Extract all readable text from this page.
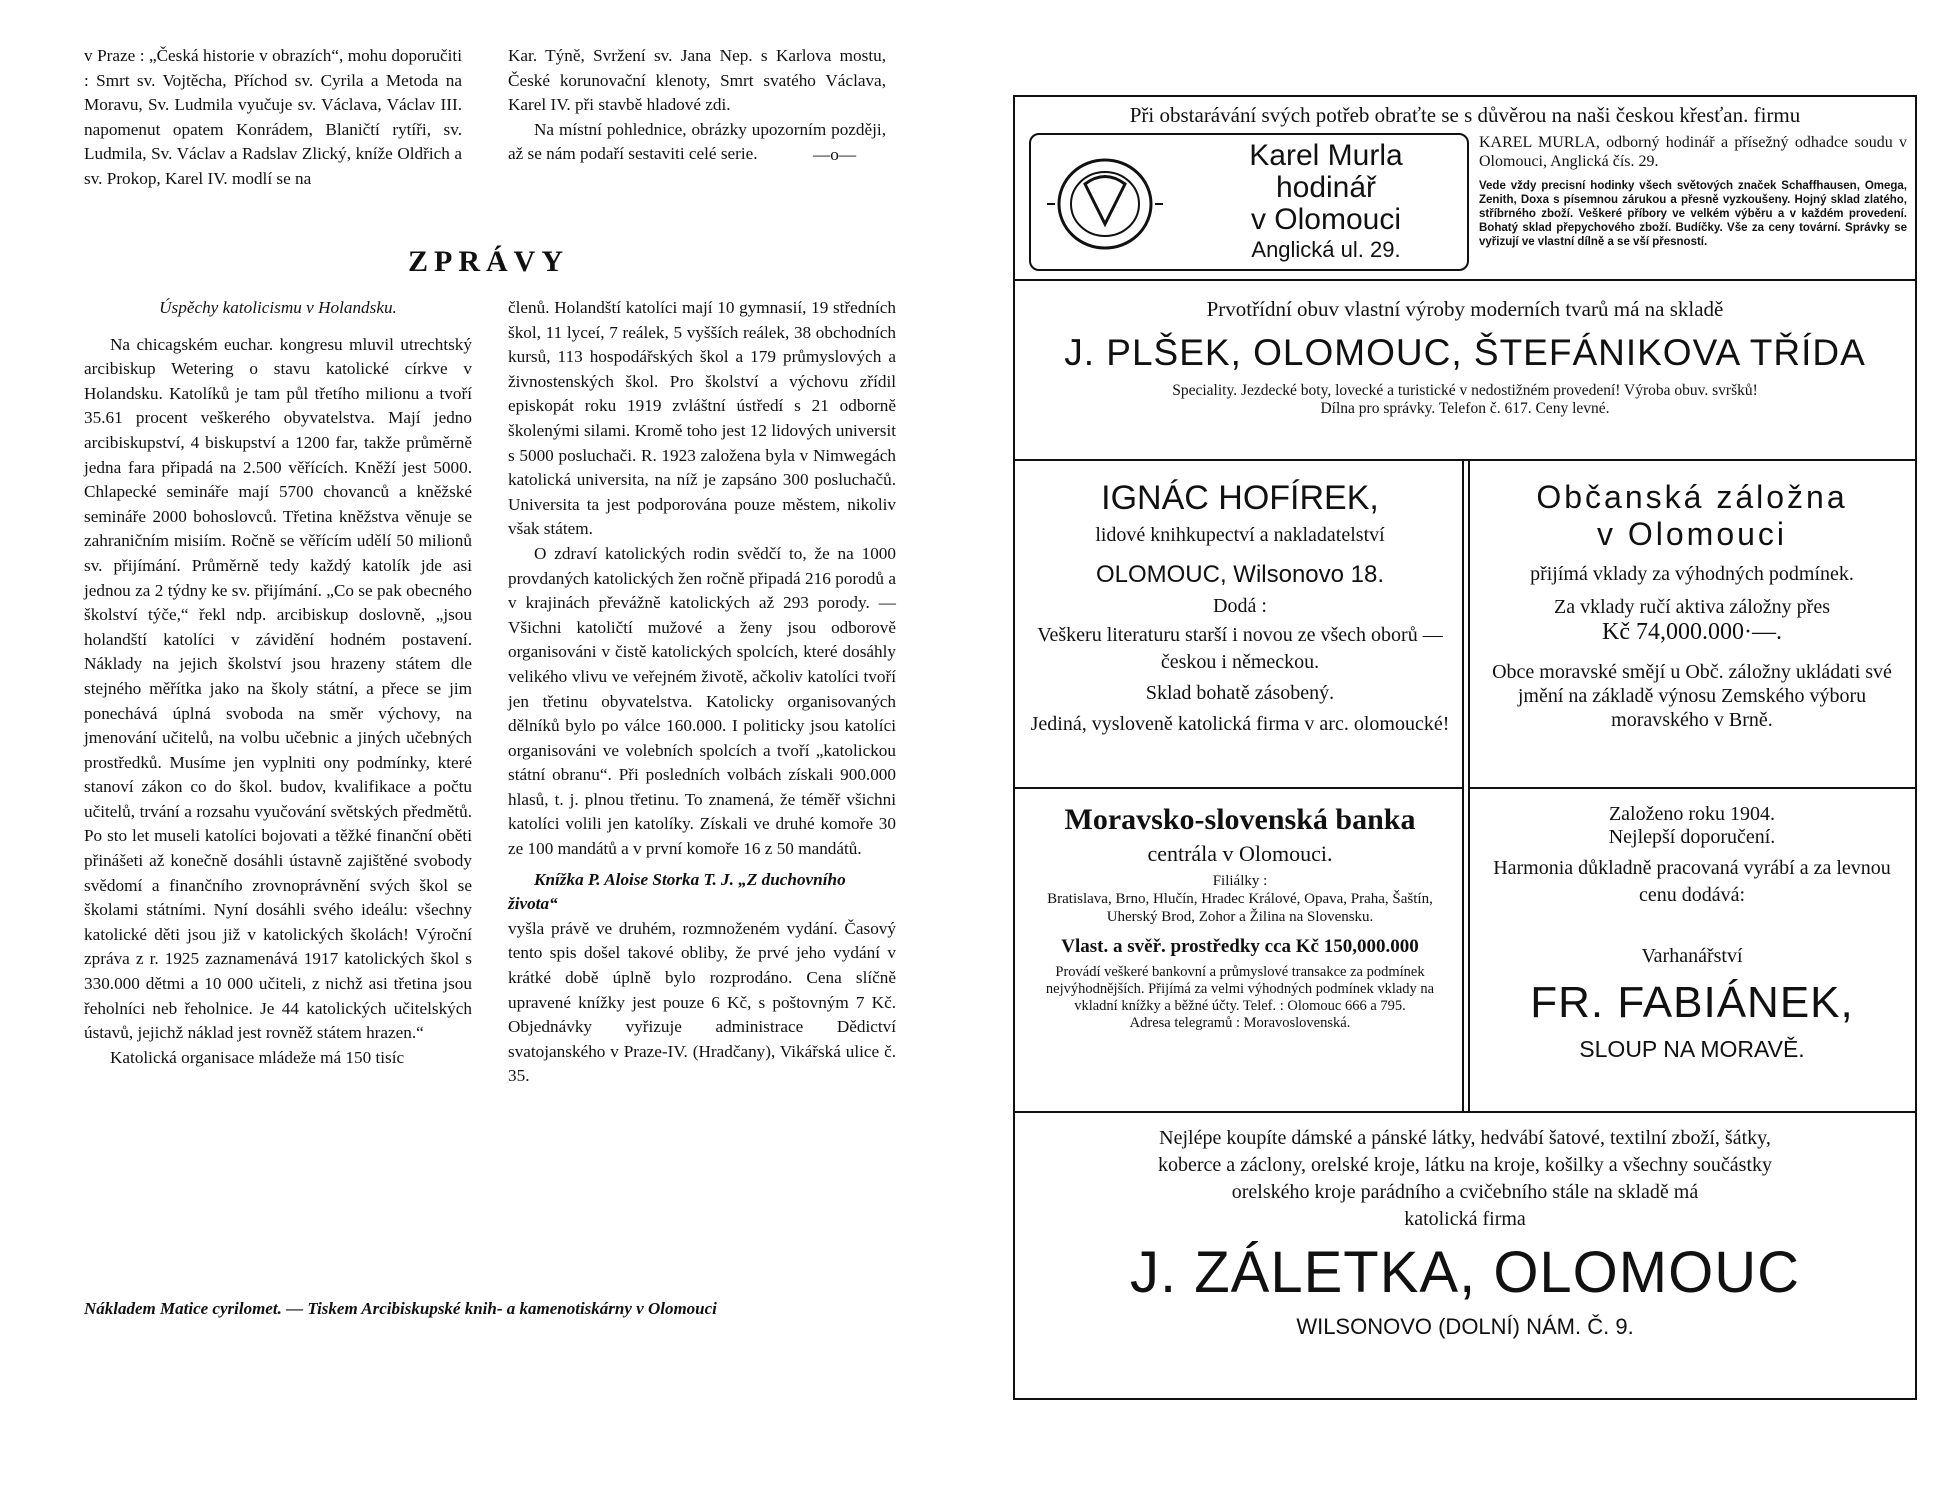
v Praze : „Česká historie v obrazích“, mohu doporučiti : Smrt sv. Vojtěcha, Příchod sv. Cyrila a Metoda na Moravu, Sv. Ludmila vyučuje sv. Václava, Václav III. napomenut opatem Konrádem, Blaničtí rytíři, sv. Ludmila, Sv. Václav a Radslav Zlický, kníže Oldřich a sv. Prokop, Karel IV. modlí se na

Kar. Týně, Svržení sv. Jana Nep. s Karlova mostu, České korunovační klenoty, Smrt svatého Václava, Karel IV. při stavbě hladové zdi.

Na místní pohlednice, obrázky upozorním později, až se nám podaří sestaviti celé serie.	—o—

ZPRÁVY

Úspěchy katolicismu v Holandsku.

Na chicagském euchar. kongresu mluvil utrechtský arcibiskup Wetering o stavu katolické církve v Holandsku. Katolíků je tam půl třetího milionu a tvoří 35.61 procent veškerého obyvatelstva. Mají jedno arcibiskupství, 4 biskupství a 1200 far, takže průměrně jedna fara připadá na 2.500 věřících. Kněží jest 5000. Chlapecké semináře mají 5700 chovanců a kněžské semináře 2000 bohoslovců. Třetina kněžstva věnuje se zahraničním misiím. Ročně se věřícím udělí 50 milionů sv. přijímání. Průměrně tedy každý katolík jde asi jednou za 2 týdny ke sv. přijímání. „Co se pak obecného školství týče,“ řekl ndp. arcibiskup doslovně, „jsou holandští katolíci v závidění hodném postavení. Náklady na jejich školství jsou hrazeny státem dle stejného měřítka jako na školy státní, a přece se jim ponechává úplná svoboda na směr výchovy, na jmenování učitelů, na volbu učebnic a jiných učebných prostředků. Musíme jen vyplniti ony podmínky, které stanoví zákon co do škol. budov, kvalifikace a počtu učitelů, trvání a rozsahu vyučování světských předmětů. Po sto let museli katolíci bojovati a těžké finanční oběti přinášeti až konečně dosáhli ústavně zajištěné svobody svědomí a finančního zrovnoprávnění svých škol se školami státními. Nyní dosáhli svého ideálu: všechny katolické děti jsou již v katolických školách! Výroční zpráva z r. 1925 zaznamenává 1917 katolických škol s 330.000 dětmi a 10 000 učiteli, z nichž asi třetina jsou řeholníci neb řeholnice. Je 44 katolických učitelských ústavů, jejichž náklad jest rovněž státem hrazen.“

Katolická organisace mládeže má 150 tisíc

členů. Holandští katolíci mají 10 gymnasií, 19 středních škol, 11 lyceí, 7 reálek, 5 vyšších reálek, 38 obchodních kursů, 113 hospodářských škol a 179 průmyslových a živnostenských škol. Pro školství a výchovu zřídil episkopát roku 1919 zvláštní ústředí s 21 odborně školenými silami. Kromě toho jest 12 lidových universit s 5000 posluchači. R. 1923 založena byla v Nimwegách katolická universita, na níž je zapsáno 300 posluchačů. Universita ta jest podporována pouze městem, nikoliv však státem.

O zdraví katolických rodin svědčí to, že na 1000 provdaných katolických žen ročně připadá 216 porodů a v krajinách převážně katolických až 293 porody. — Všichni katoličtí mužové a ženy jsou odborově organisováni v čistě katolických spolcích, které dosáhly velikého vlivu ve veřejném životě, ačkoliv katolíci tvoří jen třetinu obyvatelstva. Katolicky organisovaných dělníků bylo po válce 160.000. I politicky jsou katolíci organisováni ve volebních spolcích a tvoří „katolickou státní obranu“. Při posledních volbách získali 900.000 hlasů, t. j. plnou třetinu. To znamená, že téměř všichni katolíci volili jen katolíky. Získali ve druhé komoře 30 ze 100 mandátů a v první komoře 16 z 50 mandátů.

Knížka P. Aloise Storka T. J. „Z duchovního života“

vyšla právě ve druhém, rozmnoženém vydání. Časový tento spis došel takové obliby, že prvé jeho vydání v krátké době úplně bylo rozprodáno. Cena slíčně upravené knížky jest pouze 6 Kč, s poštovným 7 Kč. Objednávky vyřizuje administrace Dědictví svatojanského v Praze-IV. (Hradčany), Vikářská ulice č. 35.

Nákladem Matice cyrilomet. — Tiskem Arcibiskupské knih- a kamenotiskárny v Olomouci
Při obstarávání svých potřeb obraťte se s důvěrou na naši českou křesťan. firmu
Karel Murla
hodinář
v Olomouci
Anglická ul. 29.
KAREL MURLA, odborný hodinář a přísežný odhadce soudu v Olomouci, Anglická čís. 29.
Vede vždy precisní hodinky všech světových značek Schaffhausen, Omega, Zenith, Doxa s písemnou zárukou a přesně vyzkoušeny. Hojný sklad zlatého, stříbrného zboží. Veškeré příbory ve velkém výběru a v každém provedení. Bohatý sklad přepychového zboží. Budíčky. Vše za ceny tovární. Správky se vyřizují ve vlastní dílně a se vší přesností.
Prvotřídní obuv vlastní výroby moderních tvarů má na skladě
J. PLŠEK, OLOMOUC, ŠTEFÁNIKOVA TŘÍDA
Speciality. Jezdecké boty, lovecké a turistické v nedostižném provedení! Výroba obuv. svršků!
Dílna pro správky. Telefon č. 617. Ceny levné.
IGNÁC HOFÍREK,
lidové knihkupectví a nakladatelství
OLOMOUC, Wilsonovo 18.
Dodá :
Veškeru literaturu starší i novou ze všech oborů — českou i německou.
Sklad bohatě zásobený.
Jediná, vysloveně katolická firma v arc. olomoucké!
Občanská záložna
v Olomouci
přijímá vklady za výhodných podmínek.
Za vklady ručí aktiva záložny přes
Kč 74,000.000·—.
Obce moravské smějí u Obč. záložny ukládati své jmění na základě výnosu Zemského výboru moravského v Brně.
Moravsko-slovenská banka
centrála v Olomouci.
Filiálky :
Bratislava, Brno, Hlučín, Hradec Králové, Opava, Praha, Šaštín, Uherský Brod, Zohor a Žilina na Slovensku.
Vlast. a svěř. prostředky cca Kč 150,000.000
Provádí veškeré bankovní a průmyslové transakce za podmínek nejvýhodnějších. Přijímá za velmi výhodných podmínek vklady na vkladní knížky a běžné účty. Telef. : Olomouc 666 a 795.
Adresa telegramů : Moravoslovenská.
Založeno roku 1904.
Nejlepší doporučení.
Harmonia důkladně pracovaná vyrábí a za levnou cenu dodává:
Varhanářství
FR. FABIÁNEK,
SLOUP NA MORAVĚ.
Nejlépe koupíte dámské a pánské látky, hedvábí šatové, textilní zboží, šátky, koberce a záclony, orelské kroje, látku na kroje, košilky a všechny součástky orelského kroje parádního a cvičebního stále na skladě má
katolická firma
J. ZÁLETKA, OLOMOUC
WILSONOVO (DOLNÍ) NÁM. Č. 9.
